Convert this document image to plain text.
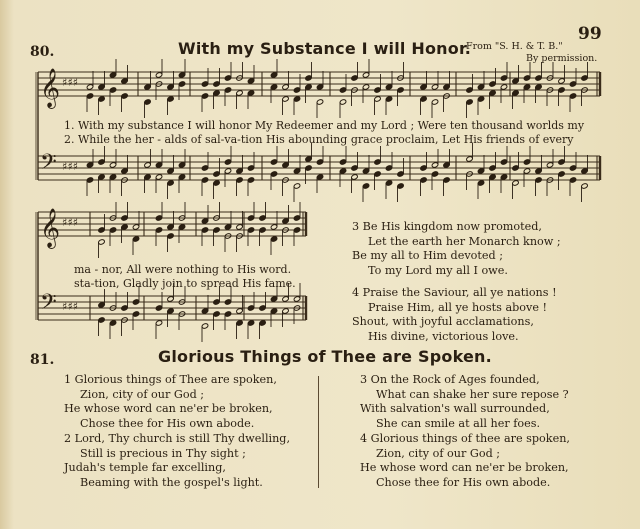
99
80.	With my Substance I will Honor.
From "S. H. & T. B."
By permission.
𝄞 ♯♯♯
𝄢 ♯♯♯
𝄞 ♯♯♯
𝄢 ♯♯♯
1. With my substance I will honor My Redeemer and my Lord ; Were ten thousand worlds my
2. While the her - alds of sal-va-tion His abounding grace proclaim, Let His friends of every
ma - nor, All were nothing to His word.
sta-tion, Gladly join to spread His fame.
3 Be His kingdom now promoted,
Let the earth her Monarch know ;
Be my all to Him devoted ;
To my Lord my all I owe.
4 Praise the Saviour, all ye nations !
Praise Him, all ye hosts above !
Shout, with joyful acclamations,
His divine, victorious love.
81.	Glorious Things of Thee are Spoken.
1 Glorious things of Thee are spoken,
Zion, city of our God ;
He whose word can ne'er be broken,
Chose thee for His own abode.
2 Lord, Thy church is still Thy dwelling,
Still is precious in Thy sight ;
Judah's temple far excelling,
Beaming with the gospel's light.
3 On the Rock of Ages founded,
What can shake her sure repose ?
With salvation's wall surrounded,
She can smile at all her foes.
4 Glorious things of thee are spoken,
Zion, city of our God ;
He whose word can ne'er be broken,
Chose thee for His own abode.
